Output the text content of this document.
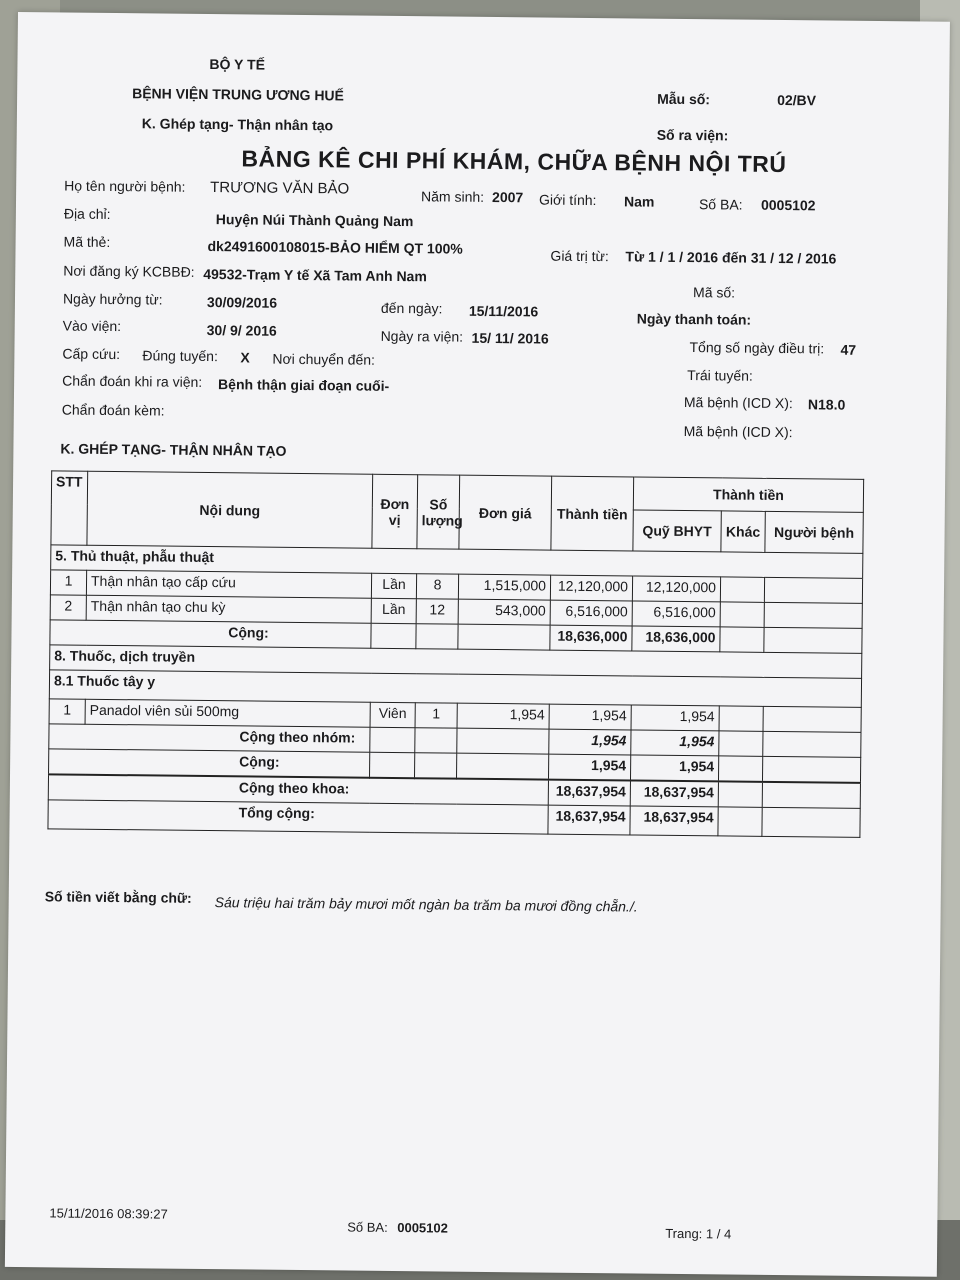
BỘ Y TẾ
BỆNH VIỆN TRUNG ƯƠNG HUẾ
K. Ghép tạng- Thận nhân tạo
Mẫu số:	02/BV
Số ra viện:
BẢNG KÊ CHI PHÍ KHÁM, CHỮA BỆNH NỘI TRÚ
Họ tên người bệnh: TRƯƠNG VĂN BẢO	Năm sinh: 2007 Giới tính: Nam	Số BA: 0005102
Địa chỉ:	Huyện Núi Thành Quảng Nam
Mã thẻ:	dk2491600108015-BẢO HIỂM QT 100%	Giá trị từ: Từ 1 / 1 / 2016 đến 31 / 12 / 2016
Nơi đăng ký KCBBĐ: 49532-Trạm Y tế Xã Tam Anh Nam
Mã số:
Ngày hưởng từ:	30/09/2016	đến ngày: 15/11/2016	Ngày thanh toán:
Vào viện:	30/ 9/ 2016	Ngày ra viện: 15/ 11/ 2016
Tổng số ngày điều trị: 47
Cấp cứu: Đúng tuyến: X Nơi chuyển đến:
Trái tuyến:
Chẩn đoán khi ra viện: Bệnh thận giai đoạn cuối-
Mã bệnh (ICD X): N18.0
Chẩn đoán kèm:
Mã bệnh (ICD X):
K. GHÉP TẠNG- THẬN NHÂN TẠO
STT	Nội dung	Đơn vị	Số lượng	Đơn giá	Thành tiền	Thành tiền		
						Quỹ BHYT	Khác	Người bệnh
5. Thủ thuật, phẫu thuật								
1	Thận nhân tạo cấp cứu	Lần	8	1,515,000	12,120,000	12,120,000		
2	Thận nhân tạo chu kỳ	Lần	12	543,000	6,516,000	6,516,000		
Cộng:					18,636,000	18,636,000		
8. Thuốc, dịch truyền								
8.1 Thuốc tây y								
1	Panadol viên sủi 500mg	Viên	1	1,954	1,954	1,954		
Cộng theo nhóm:					1,954	1,954		
Cộng:					1,954	1,954		
Cộng theo khoa:					18,637,954	18,637,954		
Tổng cộng:					18,637,954	18,637,954		
Số tiền viết bằng chữ: Sáu triệu hai trăm bảy mươi mốt ngàn ba trăm ba mươi đồng chẵn./.
15/11/2016 08:39:27
Số BA: 0005102	Trang: 1 / 4
